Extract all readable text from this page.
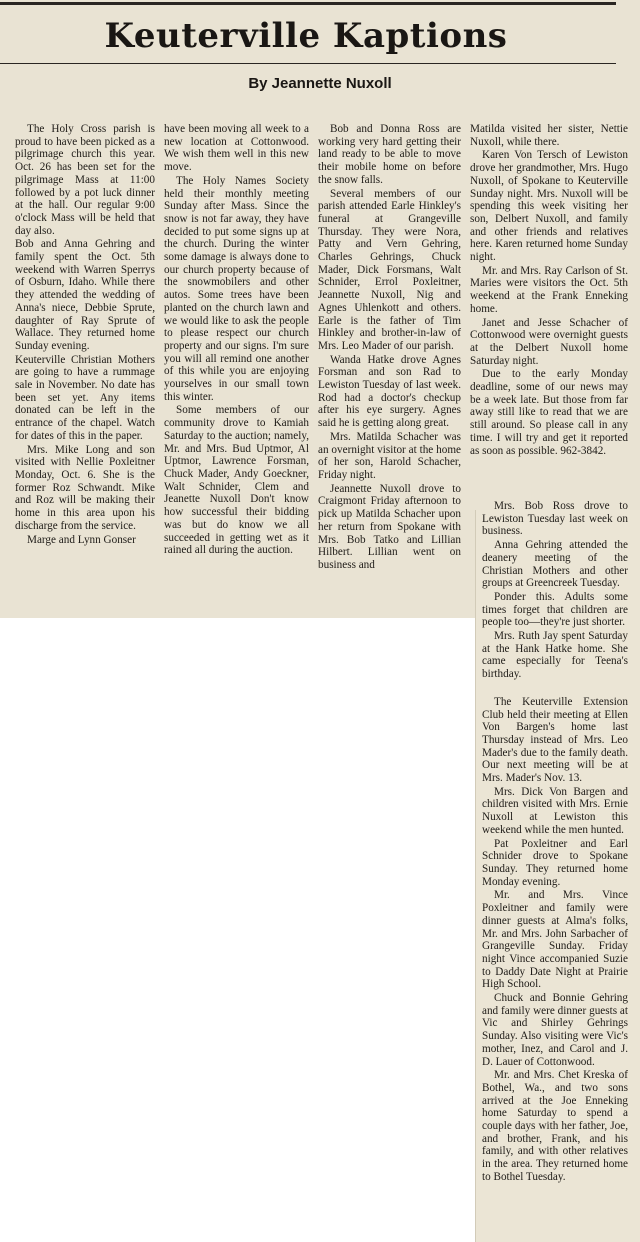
Keuterville Kaptions
By Jeannette Nuxoll

The Holy Cross parish is proud to have been picked as a pilgrimage church this year. Oct. 26 has been set for the pilgrimage Mass at 11:00 followed by a pot luck dinner at the hall. Our regular 9:00 o'clock Mass will be held that day also.

Bob and Anna Gehring and family spent the Oct. 5th weekend with Warren Sperrys of Osburn, Idaho. While there they attended the wedding of Anna's niece, Debbie Sprute, daughter of Ray Sprute of Wallace. They returned home Sunday evening.

Keuterville Christian Mothers are going to have a rummage sale in November. No date has been set yet. Any items donated can be left in the entrance of the chapel. Watch for dates of this in the paper.

Mrs. Mike Long and son visited with Nellie Poxleitner Monday, Oct. 6. She is the former Roz Schwandt. Mike and Roz will be making their home in this area upon his discharge from the service.

Marge and Lynn Gonser

have been moving all week to a new location at Cottonwood. We wish them well in this new move.

The Holy Names Society held their monthly meeting Sunday after Mass. Since the snow is not far away, they have decided to put some signs up at the church. During the winter some damage is always done to our church property because of the snowmobilers and other autos. Some trees have been planted on the church lawn and we would like to ask the people to please respect our church property and our signs. I'm sure you will all remind one another of this while you are enjoying yourselves in our small town this winter.

Some members of our community drove to Kamiah Saturday to the auction; namely, Mr. and Mrs. Bud Uptmor, Al Uptmor, Lawrence Forsman, Chuck Mader, Andy Goeckner, Walt Schnider, Clem and Jeanette Nuxoll Don't know how successful their bidding was but do know we all succeeded in getting wet as it rained all during the auction.

Bob and Donna Ross are working very hard getting their land ready to be able to move their mobile home on before the snow falls.

Several members of our parish attended Earle Hinkley's funeral at Grangeville Thursday. They were Nora, Patty and Vern Gehring, Charles Gehrings, Chuck Mader, Dick Forsmans, Walt Schnider, Errol Poxleitner, Jeannette Nuxoll, Nig and Agnes Uhlenkott and others. Earle is the father of Tim Hinkley and brother-in-law of Mrs. Leo Mader of our parish.

Wanda Hatke drove Agnes Forsman and son Rad to Lewiston Tuesday of last week. Rod had a doctor's checkup after his eye surgery. Agnes said he is getting along great.

Mrs. Matilda Schacher was an overnight visitor at the home of her son, Harold Schacher, Friday night.

Jeannette Nuxoll drove to Craigmont Friday afternoon to pick up Matilda Schacher upon her return from Spokane with Mrs. Bob Tatko and Lillian Hilbert. Lillian went on business and

Matilda visited her sister, Nettie Nuxoll, while there.

Karen Von Tersch of Lewiston drove her grandmother, Mrs. Hugo Nuxoll, of Spokane to Keuterville Sunday night. Mrs. Nuxoll will be spending this week visiting her son, Delbert Nuxoll, and family and other friends and relatives here. Karen returned home Sunday night.

Mr. and Mrs. Ray Carlson of St. Maries were visitors the Oct. 5th weekend at the Frank Enneking home.

Janet and Jesse Schacher of Cottonwood were overnight guests at the Delbert Nuxoll home Saturday night.

Due to the early Monday deadline, some of our news may be a week late. But those from far away still like to read that we are still around. So please call in any time. I will try and get it reported as soon as possible. 962-3842.

Mrs. Bob Ross drove to Lewiston Tuesday last week on business.

Anna Gehring attended the deanery meeting of the Christian Mothers and other groups at Greencreek Tuesday.

Ponder this. Adults some times forget that children are people too—they're just shorter.

Mrs. Ruth Jay spent Saturday at the Hank Hatke home. She came especially for Teena's birthday.

The Keuterville Extension Club held their meeting at Ellen Von Bargen's home last Thursday instead of Mrs. Leo Mader's due to the family death. Our next meeting will be at Mrs. Mader's Nov. 13.

Mrs. Dick Von Bargen and children visited with Mrs. Ernie Nuxoll at Lewiston this weekend while the men hunted.

Pat Poxleitner and Earl Schnider drove to Spokane Sunday. They returned home Monday evening.

Mr. and Mrs. Vince Poxleitner and family were dinner guests at Alma's folks, Mr. and Mrs. John Sarbacher of Grangeville Sunday. Friday night Vince accompanied Suzie to Daddy Date Night at Prairie High School.

Chuck and Bonnie Gehring and family were dinner guests at Vic and Shirley Gehrings Sunday. Also visiting were Vic's mother, Inez, and Carol and J. D. Lauer of Cottonwood.

Mr. and Mrs. Chet Kreska of Bothel, Wa., and two sons arrived at the Joe Enneking home Saturday to spend a couple days with her father, Joe, and brother, Frank, and his family, and with other relatives in the area. They returned home to Bothel Tuesday.
